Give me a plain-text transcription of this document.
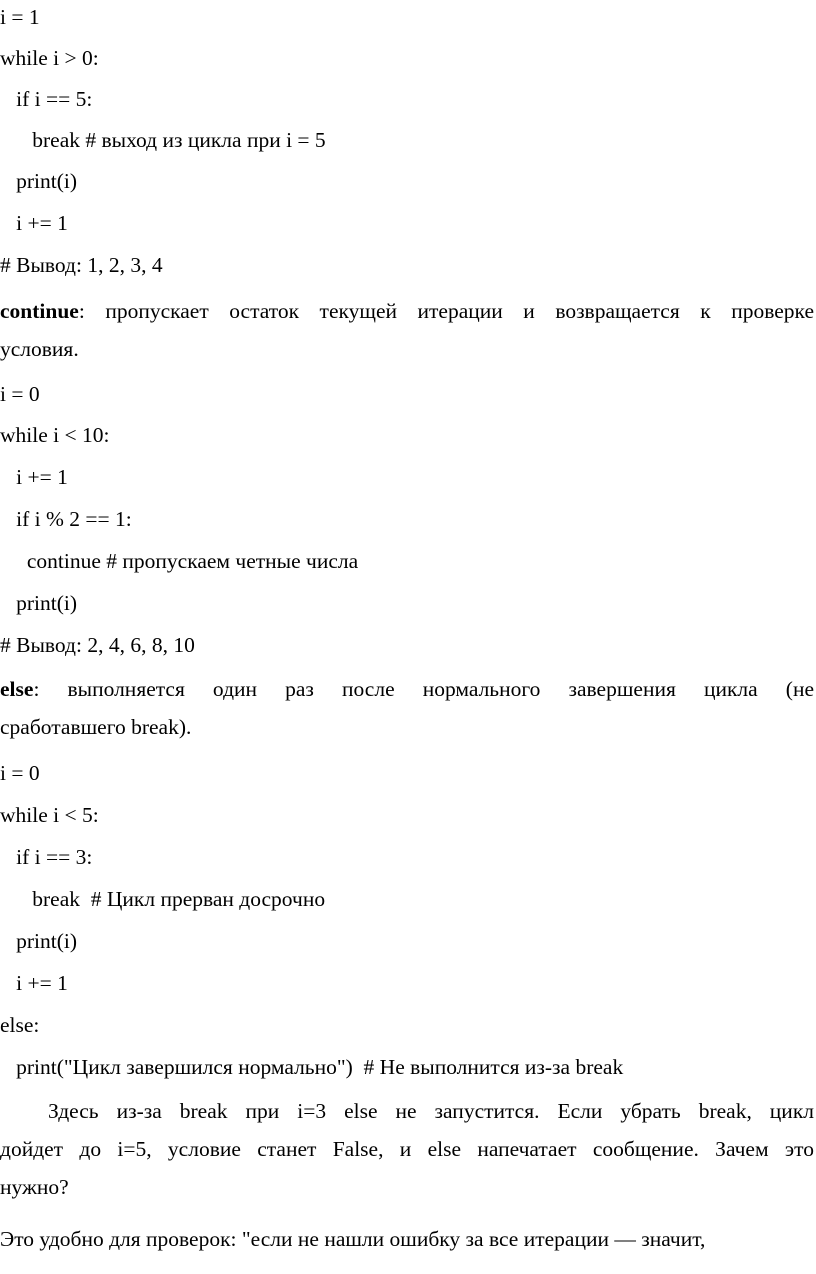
i = 1
while i > 0:
if i == 5:
break # выход из цикла при i = 5
print(i)
i += 1
# Вывод: 1, 2, 3, 4
continue: пропускает остаток текущей итерации и возвращается к проверке
условия.
i = 0
while i < 10:
i += 1
if i % 2 == 1:
continue # пропускаем четные числа
print(i)
# Вывод: 2, 4, 6, 8, 10
else: выполняется один раз после нормального завершения цикла (не
сработавшего break).
i = 0
while i < 5:
if i == 3:
break  # Цикл прерван досрочно
print(i)
i += 1
else:
print("Цикл завершился нормально")  # Не выполнится из-за break
Здесь из-за break при i=3 else не запустится. Если убрать break, цикл
дойдет до i=5, условие станет False, и else напечатает сообщение. Зачем это
нужно?
Это удобно для проверок: "если не нашли ошибку за все итерации — значит,
